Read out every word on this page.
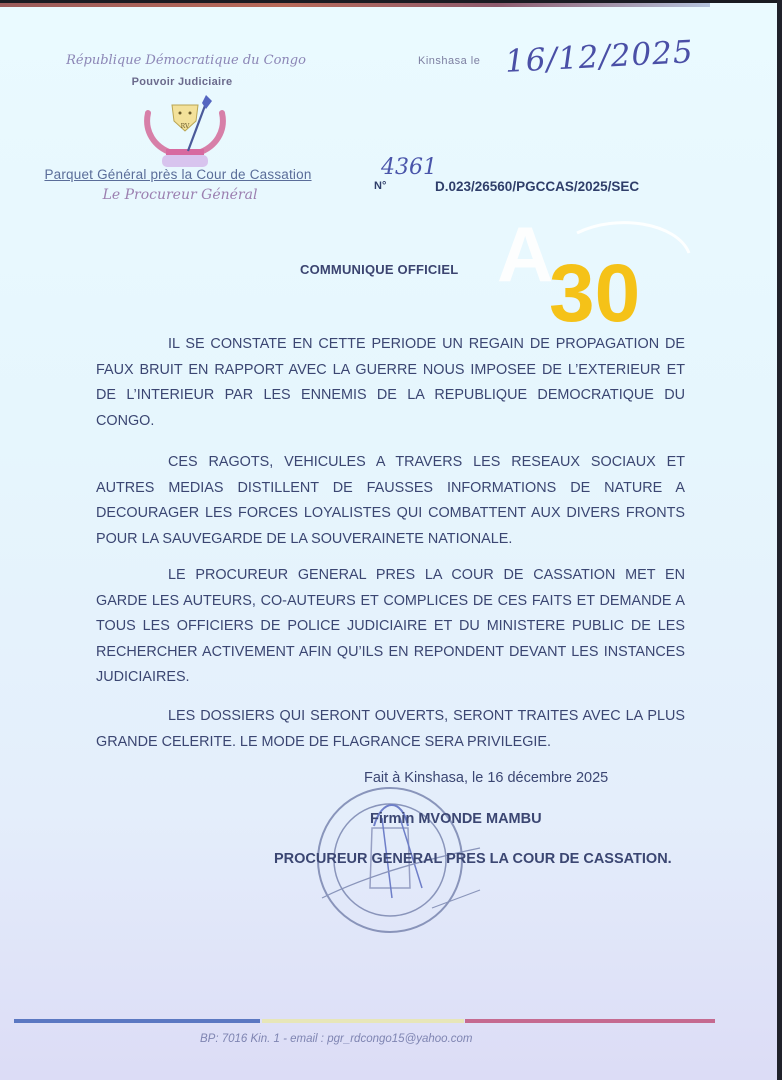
République Démocratique du Congo
Pouvoir Judiciaire
RV
Parquet Général près la Cour de Cassation
Le Procureur Général
Kinshasa le 16/12/2025
4361
N°	D.023/26560/PGCCAS/2025/SEC
COMMUNIQUE OFFICIEL A
30
IL SE CONSTATE EN CETTE PERIODE UN REGAIN DE PROPAGATION DE FAUX BRUIT EN RAPPORT AVEC LA GUERRE NOUS IMPOSEE DE L’EXTERIEUR ET DE L’INTERIEUR PAR LES ENNEMIS DE LA REPUBLIQUE DEMOCRATIQUE DU CONGO.
CES RAGOTS, VEHICULES A TRAVERS LES RESEAUX SOCIAUX ET AUTRES MEDIAS DISTILLENT DE FAUSSES INFORMATIONS DE NATURE A DECOURAGER LES FORCES LOYALISTES QUI COMBATTENT AUX DIVERS FRONTS POUR LA SAUVEGARDE DE LA SOUVERAINETE NATIONALE.
LE PROCUREUR GENERAL PRES LA COUR DE CASSATION MET EN GARDE LES AUTEURS, CO-AUTEURS ET COMPLICES DE CES FAITS ET DEMANDE A TOUS LES OFFICIERS DE POLICE JUDICIAIRE ET DU MINISTERE PUBLIC DE LES RECHERCHER ACTIVEMENT AFIN QU’ILS EN REPONDENT DEVANT LES INSTANCES JUDICIAIRES.
LES DOSSIERS QUI SERONT OUVERTS, SERONT TRAITES AVEC LA PLUS GRANDE CELERITE. LE MODE DE FLAGRANCE SERA PRIVILEGIE.
Fait à Kinshasa, le 16 décembre 2025
Firmin MVONDE MAMBU
PROCUREUR GENERAL PRES LA COUR DE CASSATION.
BP: 7016 Kin. 1 - email : pgr_rdcongo15@yahoo.com
